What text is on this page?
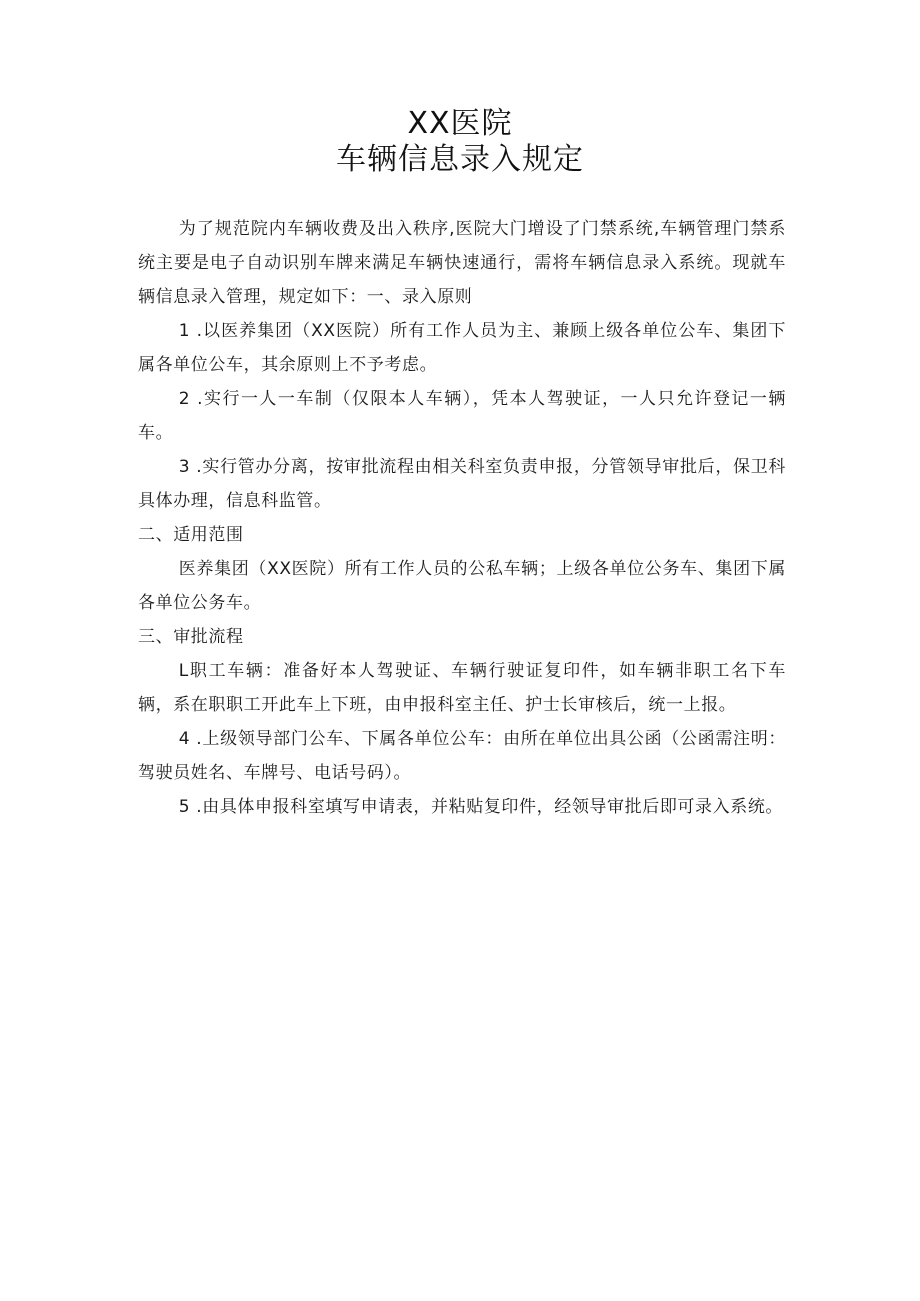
XX医院
车辆信息录入规定

为了规范院内车辆收费及出入秩序,医院大门增设了门禁系统,车辆管理门禁系统主要是电子自动识别车牌来满足车辆快速通行，需将车辆信息录入系统。现就车辆信息录入管理，规定如下：一、录入原则

1 .以医养集团（XX医院）所有工作人员为主、兼顾上级各单位公车、集团下属各单位公车，其余原则上不予考虑。

2 .实行一人一车制（仅限本人车辆），凭本人驾驶证，一人只允许登记一辆车。

3 .实行管办分离，按审批流程由相关科室负责申报，分管领导审批后，保卫科具体办理，信息科监管。

二、适用范围

医养集团（XX医院）所有工作人员的公私车辆；上级各单位公务车、集团下属各单位公务车。

三、审批流程

L职工车辆：准备好本人驾驶证、车辆行驶证复印件，如车辆非职工名下车辆，系在职职工开此车上下班，由申报科室主任、护士长审核后，统一上报。

4 .上级领导部门公车、下属各单位公车：由所在单位出具公函（公函需注明：驾驶员姓名、车牌号、电话号码）。

5 .由具体申报科室填写申请表，并粘贴复印件，经领导审批后即可录入系统。
